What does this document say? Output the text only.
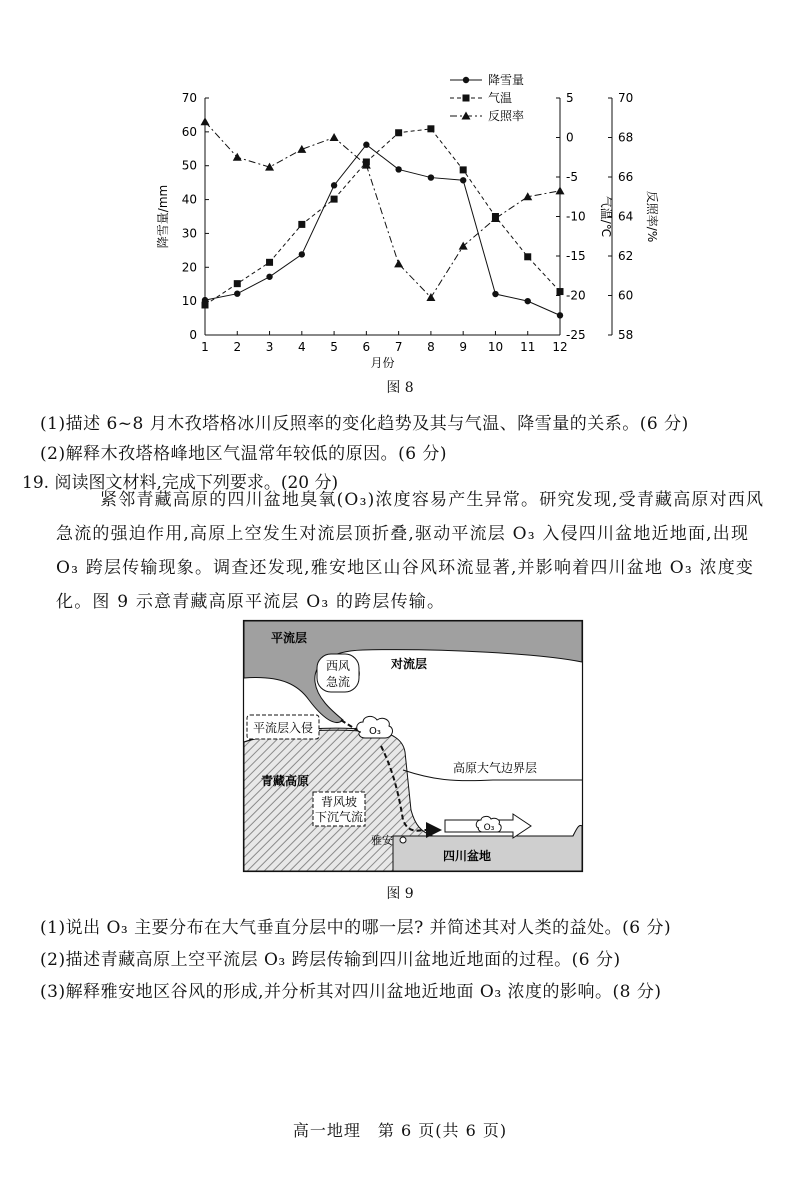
1 2 3 4 5 6 7 8 9 10 11 12
月份
0
10
20
30
40
50
60
70
降雪量/mm
-25
-20
-15
-10
-5
0
5
气温/℃
58
60
62
64
66
68
70
反照率/%
降雪量
气温
反照率
图 8
(1)描述 6~8 月木孜塔格冰川反照率的变化趋势及其与气温、降雪量的关系。(6 分)
(2)解释木孜塔格峰地区气温常年较低的原因。(6 分)
19. 阅读图文材料,完成下列要求。(20 分)
紧邻青藏高原的四川盆地臭氧(O₃)浓度容易产生异常。研究发现,受青藏高原对西风
急流的强迫作用,高原上空发生对流层顶折叠,驱动平流层 O₃ 入侵四川盆地近地面,出现
O₃ 跨层传输现象。调查还发现,雅安地区山谷风环流显著,并影响着四川盆地 O₃ 浓度变
化。图 9 示意青藏高原平流层 O₃ 的跨层传输。
西风
急流
平流层
对流层
平流层入侵	O₃
高原大气边界层
青藏高原
背风坡
下沉气流
O₃
雅安
四川盆地
图 9
(1)说出 O₃ 主要分布在大气垂直分层中的哪一层? 并简述其对人类的益处。(6 分)
(2)描述青藏高原上空平流层 O₃ 跨层传输到四川盆地近地面的过程。(6 分)
(3)解释雅安地区谷风的形成,并分析其对四川盆地近地面 O₃ 浓度的影响。(8 分)
高一地理　第 6 页(共 6 页)
